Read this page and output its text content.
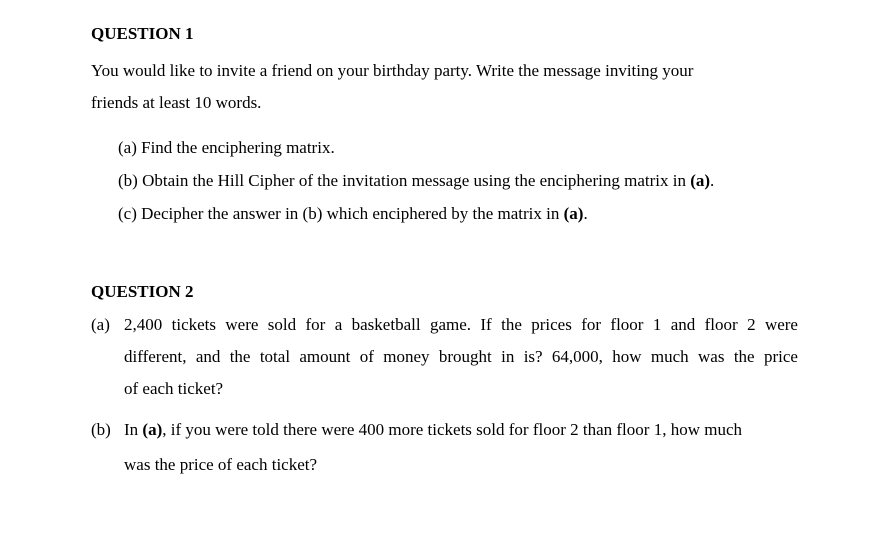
QUESTION 1
You would like to invite a friend on your birthday party. Write the message inviting your
friends at least 10 words.
(a) Find the enciphering matrix.
(b) Obtain the Hill Cipher of the invitation message using the enciphering matrix in (a).
(c) Decipher the answer in (b) which enciphered by the matrix in (a).
QUESTION 2
(a) 2,400 tickets were sold for a basketball game. If the prices for floor 1 and floor 2 were
different, and the total amount of money brought in is? 64,000, how much was the price
of each ticket?
(b) In (a), if you were told there were 400 more tickets sold for floor 2 than floor 1, how much
was the price of each ticket?
